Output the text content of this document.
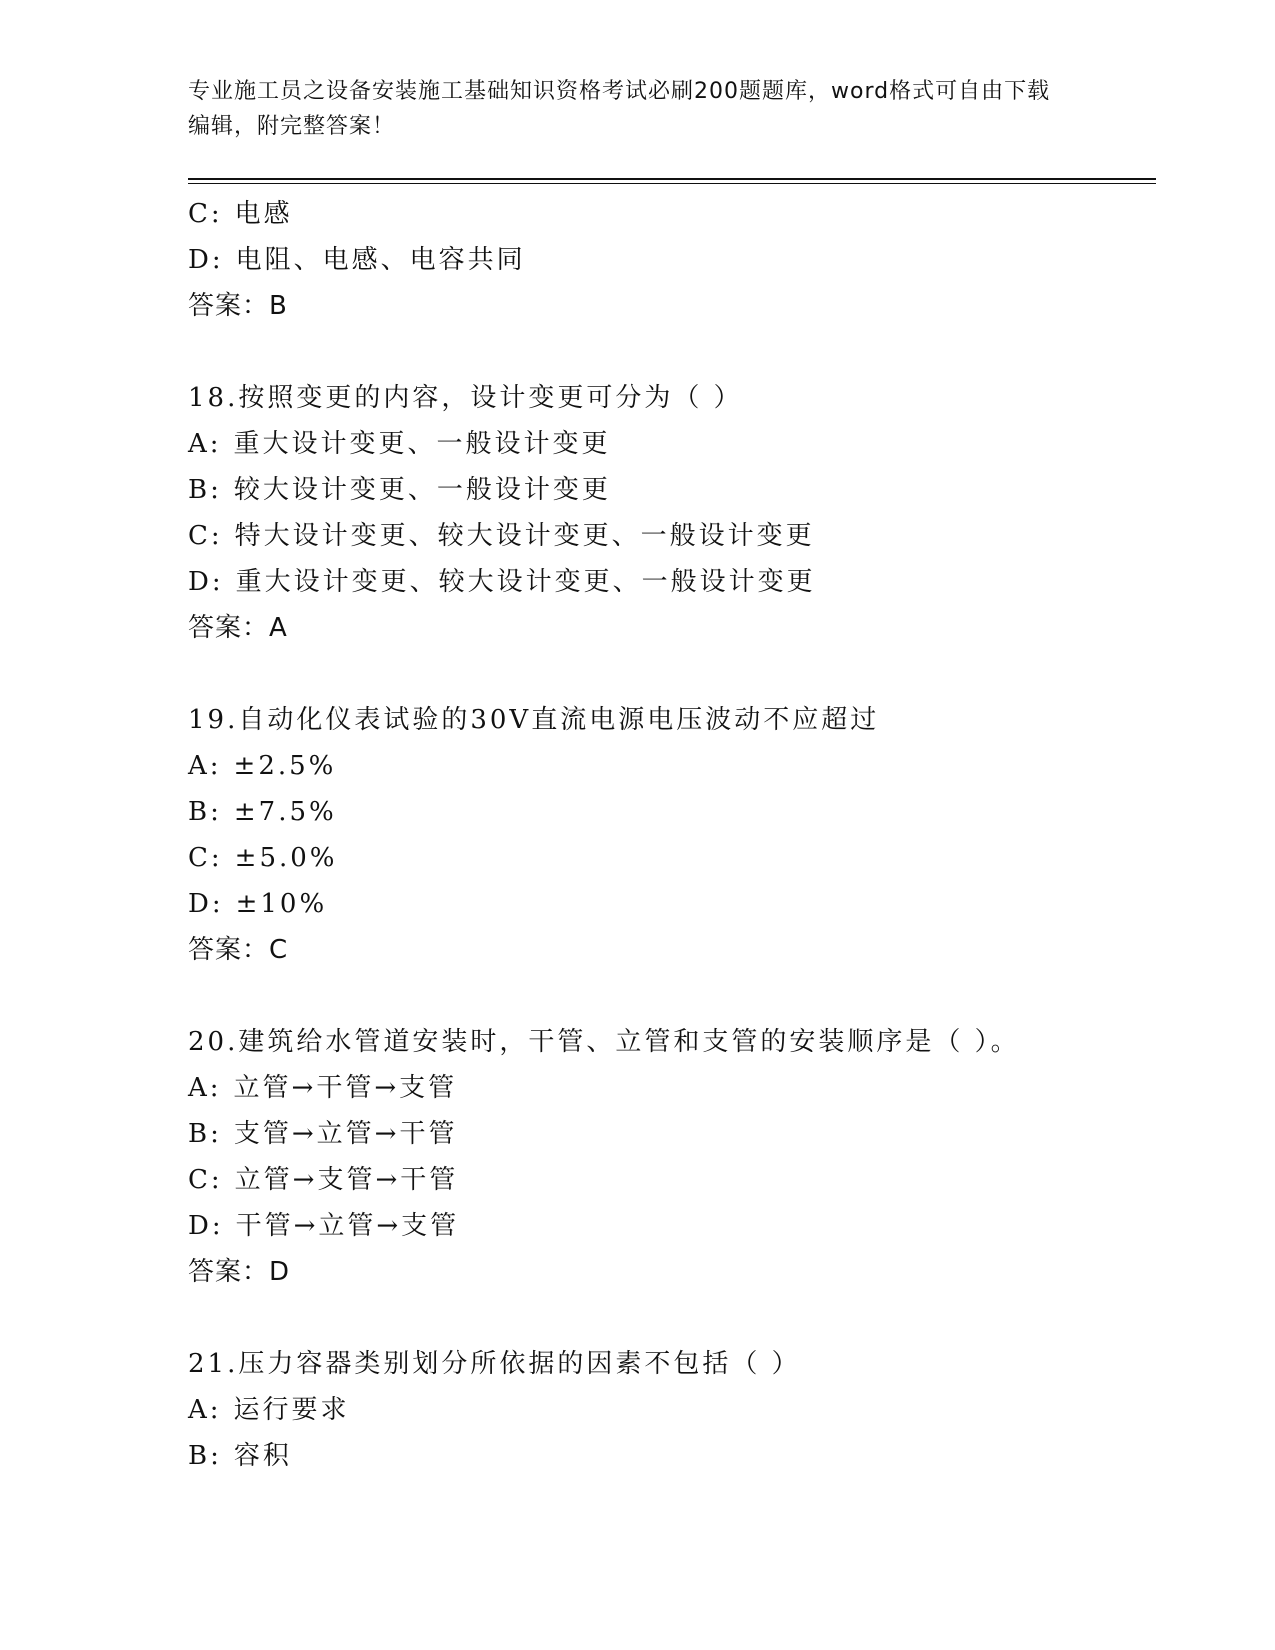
专业施工员之设备安装施工基础知识资格考试必刷200题题库，word格式可自由下载编辑，附完整答案！
C: 电感
D: 电阻、电感、电容共同
答案：B
18.按照变更的内容，设计变更可分为（ ）
A: 重大设计变更、一般设计变更
B: 较大设计变更、一般设计变更
C: 特大设计变更、较大设计变更、一般设计变更
D: 重大设计变更、较大设计变更、一般设计变更
答案：A
19.自动化仪表试验的30V直流电源电压波动不应超过
A: ±2.5%
B: ±7.5%
C: ±5.0%
D: ±10%
答案：C
20.建筑给水管道安装时，干管、立管和支管的安装顺序是（ ）。
A: 立管→干管→支管
B: 支管→立管→干管
C: 立管→支管→干管
D: 干管→立管→支管
答案：D
21.压力容器类别划分所依据的因素不包括（ ）
A: 运行要求
B: 容积
